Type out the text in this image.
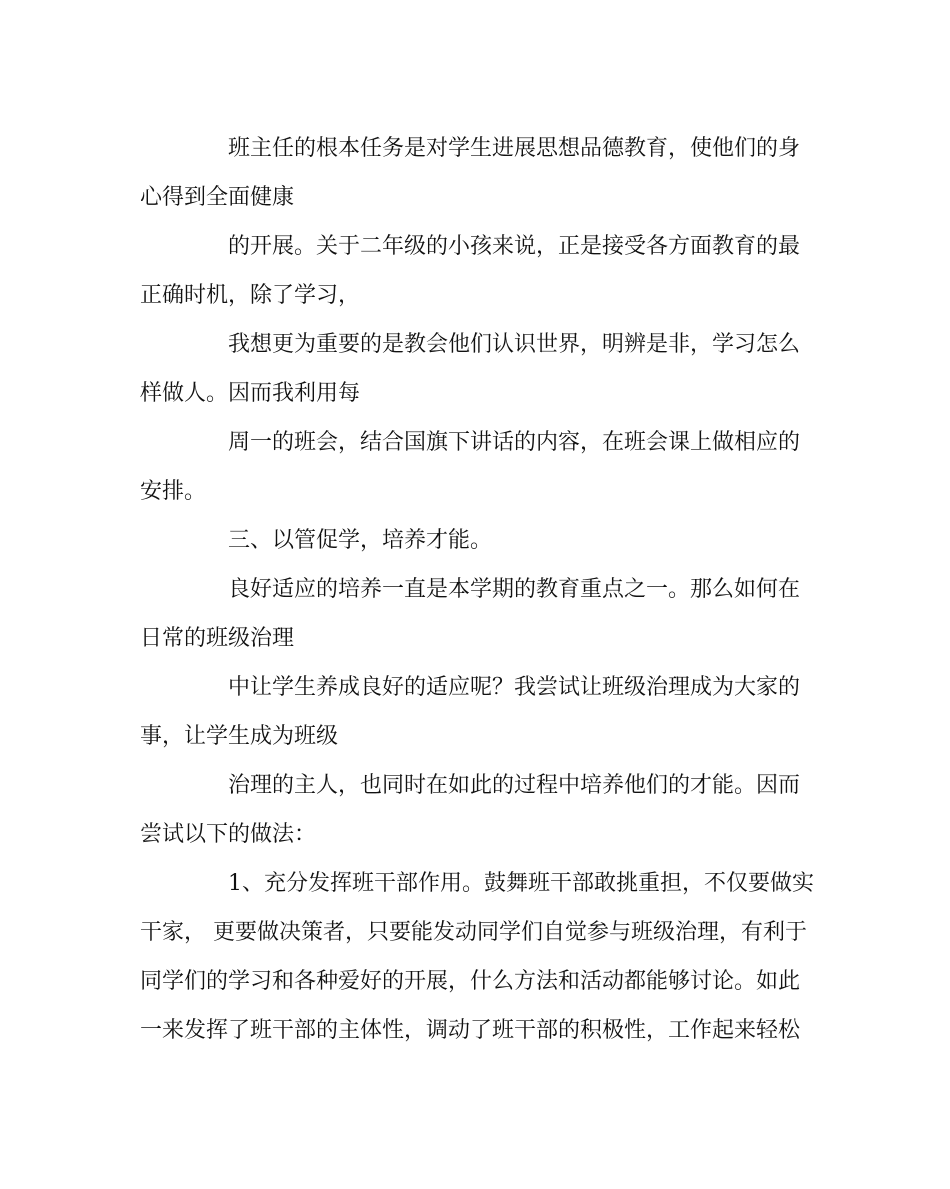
班主任的根本任务是对学生进展思想品德教育，使他们的身
心得到全面健康
的开展。关于二年级的小孩来说，正是接受各方面教育的最
正确时机，除了学习，
我想更为重要的是教会他们认识世界，明辨是非，学习怎么
样做人。因而我利用每
周一的班会，结合国旗下讲话的内容，在班会课上做相应的
安排。
三、以管促学，培养才能。
良好适应的培养一直是本学期的教育重点之一。那么如何在
日常的班级治理
中让学生养成良好的适应呢？我尝试让班级治理成为大家的
事，让学生成为班级
治理的主人，也同时在如此的过程中培养他们的才能。因而
尝试以下的做法：
1、充分发挥班干部作用。鼓舞班干部敢挑重担，不仅要做实
干家， 更要做决策者，只要能发动同学们自觉参与班级治理，有利于
同学们的学习和各种爱好的开展，什么方法和活动都能够讨论。如此
一来发挥了班干部的主体性，调动了班干部的积极性，工作起来轻松
